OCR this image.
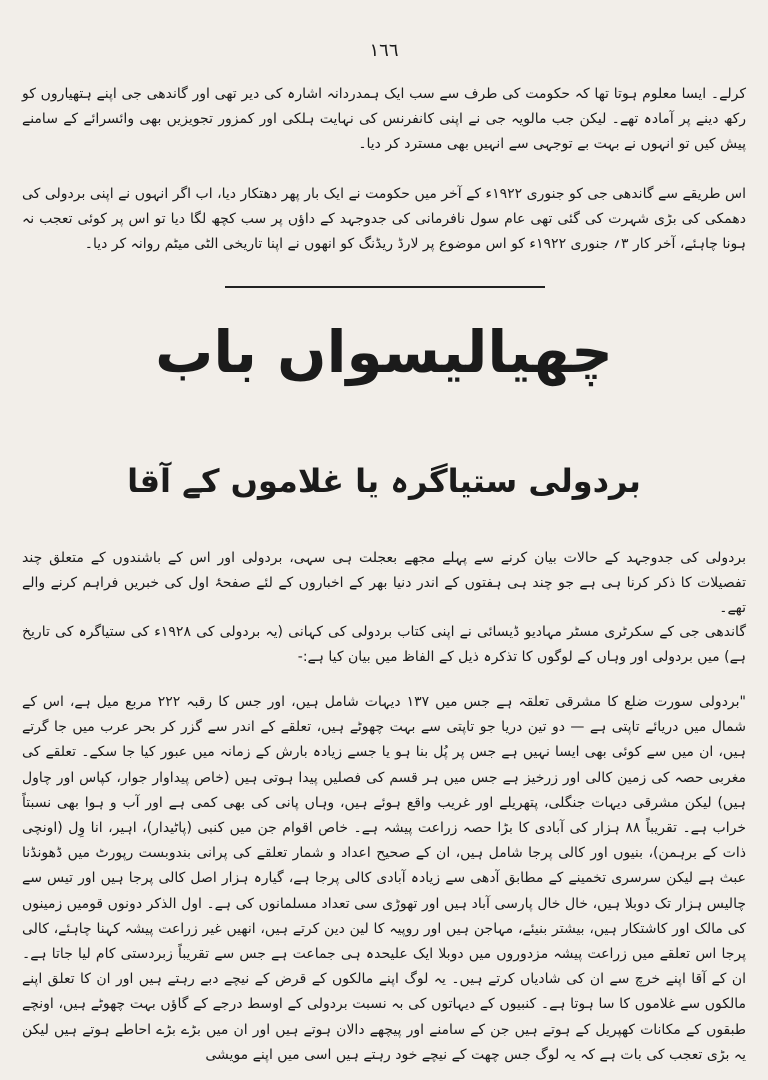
١٦٦
کرلے۔ ایسا معلوم ہوتا تھا کہ حکومت کی طرف سے سب ایک ہمدردانہ اشارہ کی دیر تھی اور گاندھی جی اپنے ہتھیاروں کو رکھ دینے پر آمادہ تھے۔ لیکن جب مالویہ جی نے اپنی کانفرنس کی نہایت ہلکی اور کمزور تجویزیں بھی وائسرائے کے سامنے پیش کیں تو انہوں نے بہت بے توجہی سے انہیں بھی مسترد کر دیا۔
اس طریقے سے گاندھی جی کو جنوری ۱۹۲۲ء کے آخر میں حکومت نے ایک بار پھر دھتکار دیا، اب اگر انہوں نے اپنی بردولی کی دھمکی کی بڑی شہرت کی گئی تھی عام سول نافرمانی کی جدوجہد کے داؤں پر سب کچھ لگا دیا تو اس پر کوئی تعجب نہ ہونا چاہئے، آخر کار ۳؍ جنوری ۱۹۲۲ء کو اس موضوع پر لارڈ ریڈنگ کو انھوں نے اپنا تاریخی الٹی میٹم روانہ کر دیا۔
چھیالیسواں باب
بردولی ستیاگرہ یا غلاموں کے آقا
بردولی کی جدوجہد کے حالات بیان کرنے سے پہلے مجھے بعجلت ہی سہی، بردولی اور اس کے باشندوں کے متعلق چند تفصیلات کا ذکر کرنا ہی ہے جو چند ہی ہفتوں کے اندر دنیا بھر کے اخباروں کے لئے صفحۂ اول کی خبریں فراہم کرنے والے تھے۔
گاندھی جی کے سکرٹری مسٹر مہادیو ڈیسائی نے اپنی کتاب بردولی کی کہانی (یہ بردولی کی ۱۹۲۸ء کی ستیاگرہ کی تاریخ ہے) میں بردولی اور وہاں کے لوگوں کا تذکرہ ذیل کے الفاظ میں بیان کیا ہے:-
"بردولی سورت ضلع کا مشرقی تعلقہ ہے جس میں ۱۳۷ دیہات شامل ہیں، اور جس کا رقبہ ۲۲۲ مربع میل ہے، اس کے شمال میں دریائے تاپتی ہے — دو تین دریا جو تاپتی سے بہت چھوٹے ہیں، تعلقے کے اندر سے گزر کر بحر عرب میں جا گرتے ہیں، ان میں سے کوئی بھی ایسا نہیں ہے جس پر پُل بنا ہو یا جسے زیادہ بارش کے زمانہ میں عبور کیا جا سکے۔ تعلقے کی مغربی حصہ کی زمین کالی اور زرخیز ہے جس میں ہر قسم کی فصلیں پیدا ہوتی ہیں (خاص پیداوار جوار، کپاس اور چاول ہیں) لیکن مشرقی دیہات جنگلی، پتھریلے اور غریب واقع ہوئے ہیں، وہاں پانی کی بھی کمی ہے اور آب و ہوا بھی نسبتاً خراب ہے۔ تقریباً ۸۸ ہزار کی آبادی کا بڑا حصہ زراعت پیشہ ہے۔ خاص اقوام جن میں کنبی (پاٹیدار)، اہیر، انا وِل (اونچی ذات کے برہمن)، بنیوں اور کالی پرجا شامل ہیں، ان کے صحیح اعداد و شمار تعلقے کی پرانی بندوبست رپورٹ میں ڈھونڈنا عبث ہے لیکن سرسری تخمینے کے مطابق آدھی سے زیادہ آبادی کالی پرجا ہے، گیارہ ہزار اصل کالی پرجا ہیں اور تیس سے چالیس ہزار تک دوبلا ہیں، خال خال پارسی آباد ہیں اور تھوڑی سی تعداد مسلمانوں کی ہے۔ اول الذکر دونوں قومیں زمینوں کی مالک اور کاشتکار ہیں، بیشتر بنیئے، مہاجن ہیں اور روپیہ کا لین دین کرتے ہیں، انھیں غیر زراعت پیشہ کہنا چاہئے، کالی پرجا اس تعلقے میں زراعت پیشہ مزدوروں میں دوبلا ایک علیحدہ ہی جماعت ہے جس سے تقریباً زبردستی کام لیا جاتا ہے۔ ان کے آقا اپنے خرچ سے ان کی شادیاں کرتے ہیں۔ یہ لوگ اپنے مالکوں کے قرض کے نیچے دبے رہتے ہیں اور ان کا تعلق اپنے مالکوں سے غلاموں کا سا ہوتا ہے۔ کنبیوں کے دیہاتوں کی بہ نسبت بردولی کے اوسط درجے کے گاؤں بہت چھوٹے ہیں، اونچے طبقوں کے مکانات کھپریل کے ہوتے ہیں جن کے سامنے اور پیچھے دالان ہوتے ہیں اور ان میں بڑے بڑے احاطے ہوتے ہیں لیکن یہ بڑی تعجب کی بات ہے کہ یہ لوگ جس چھت کے نیچے خود رہتے ہیں اسی میں اپنے مویشی
